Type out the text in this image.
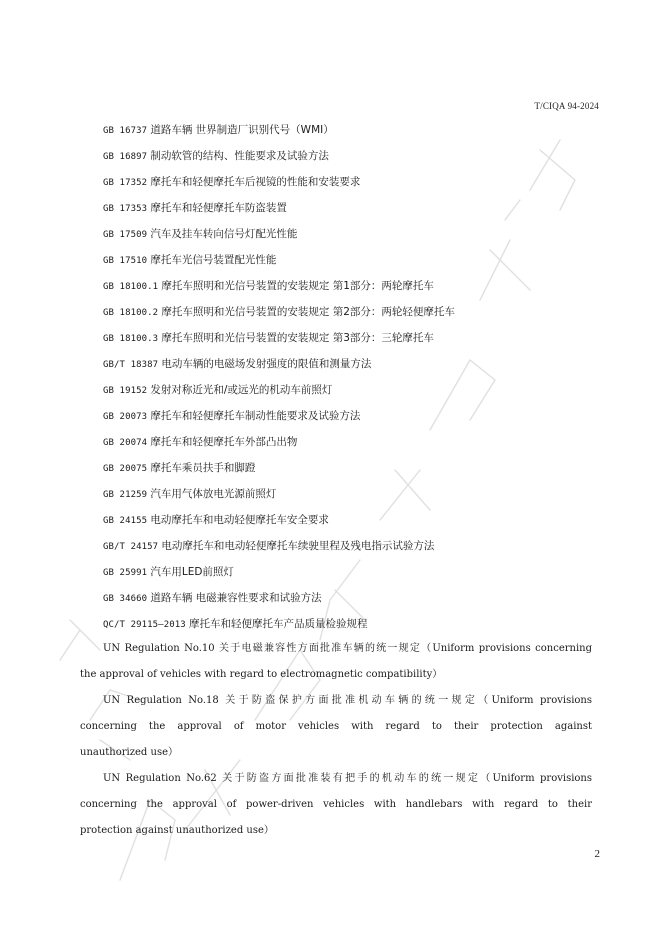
T/CIQA 94-2024
GB 16737 道路车辆 世界制造厂识别代号（WMI）
GB 16897 制动软管的结构、性能要求及试验方法
GB 17352 摩托车和轻便摩托车后视镜的性能和安装要求
GB 17353 摩托车和轻便摩托车防盗装置
GB 17509 汽车及挂车转向信号灯配光性能
GB 17510 摩托车光信号装置配光性能
GB 18100.1 摩托车照明和光信号装置的安装规定 第1部分：两轮摩托车
GB 18100.2 摩托车照明和光信号装置的安装规定 第2部分：两轮轻便摩托车
GB 18100.3 摩托车照明和光信号装置的安装规定 第3部分：三轮摩托车
GB/T 18387 电动车辆的电磁场发射强度的限值和测量方法
GB 19152 发射对称近光和/或远光的机动车前照灯
GB 20073 摩托车和轻便摩托车制动性能要求及试验方法
GB 20074 摩托车和轻便摩托车外部凸出物
GB 20075 摩托车乘员扶手和脚蹬
GB 21259 汽车用气体放电光源前照灯
GB 24155 电动摩托车和电动轻便摩托车安全要求
GB/T 24157 电动摩托车和电动轻便摩托车续驶里程及残电指示试验方法
GB 25991 汽车用LED前照灯
GB 34660 道路车辆 电磁兼容性要求和试验方法
QC/T 29115—2013 摩托车和轻便摩托车产品质量检验规程
UN Regulation No.10 关于电磁兼容性方面批准车辆的统一规定（Uniform provisions concerning
the approval of vehicles with regard to electromagnetic compatibility）
UN Regulation No.18 关于防盗保护方面批准机动车辆的统一规定（Uniform provisions
concerning the approval of motor vehicles with regard to their protection against
unauthorized use）
UN Regulation No.62 关于防盗方面批准装有把手的机动车的统一规定（Uniform provisions
concerning the approval of power-driven vehicles with handlebars with regard to their
protection against unauthorized use）
2
